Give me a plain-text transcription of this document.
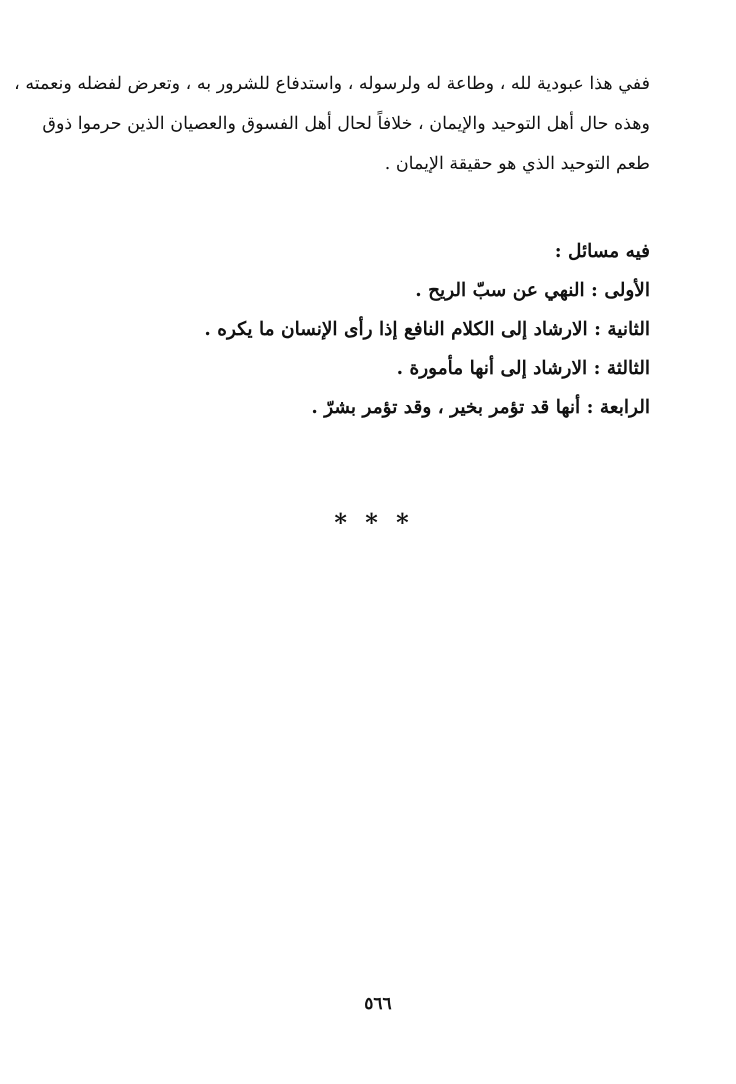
ففي هذا عبودية لله ، وطاعة له ولرسوله ، واستدفاع للشرور به ، وتعرض لفضله ونعمته ،
وهذه حال أهل التوحيد والإيمان ، خلافاً لحال أهل الفسوق والعصيان الذين حرموا ذوق
طعم التوحيد الذي هو حقيقة الإيمان .
فيه مسائل :
الأولى : النهي عن سبّ الريح .
الثانية : الارشاد إلى الكلام النافع إذا رأى الإنسان ما يكره .
الثالثة : الارشاد إلى أنها مأمورة .
الرابعة : أنها قد تؤمر بخير ، وقد تؤمر بشرّ .
* * *
٥٦٦
